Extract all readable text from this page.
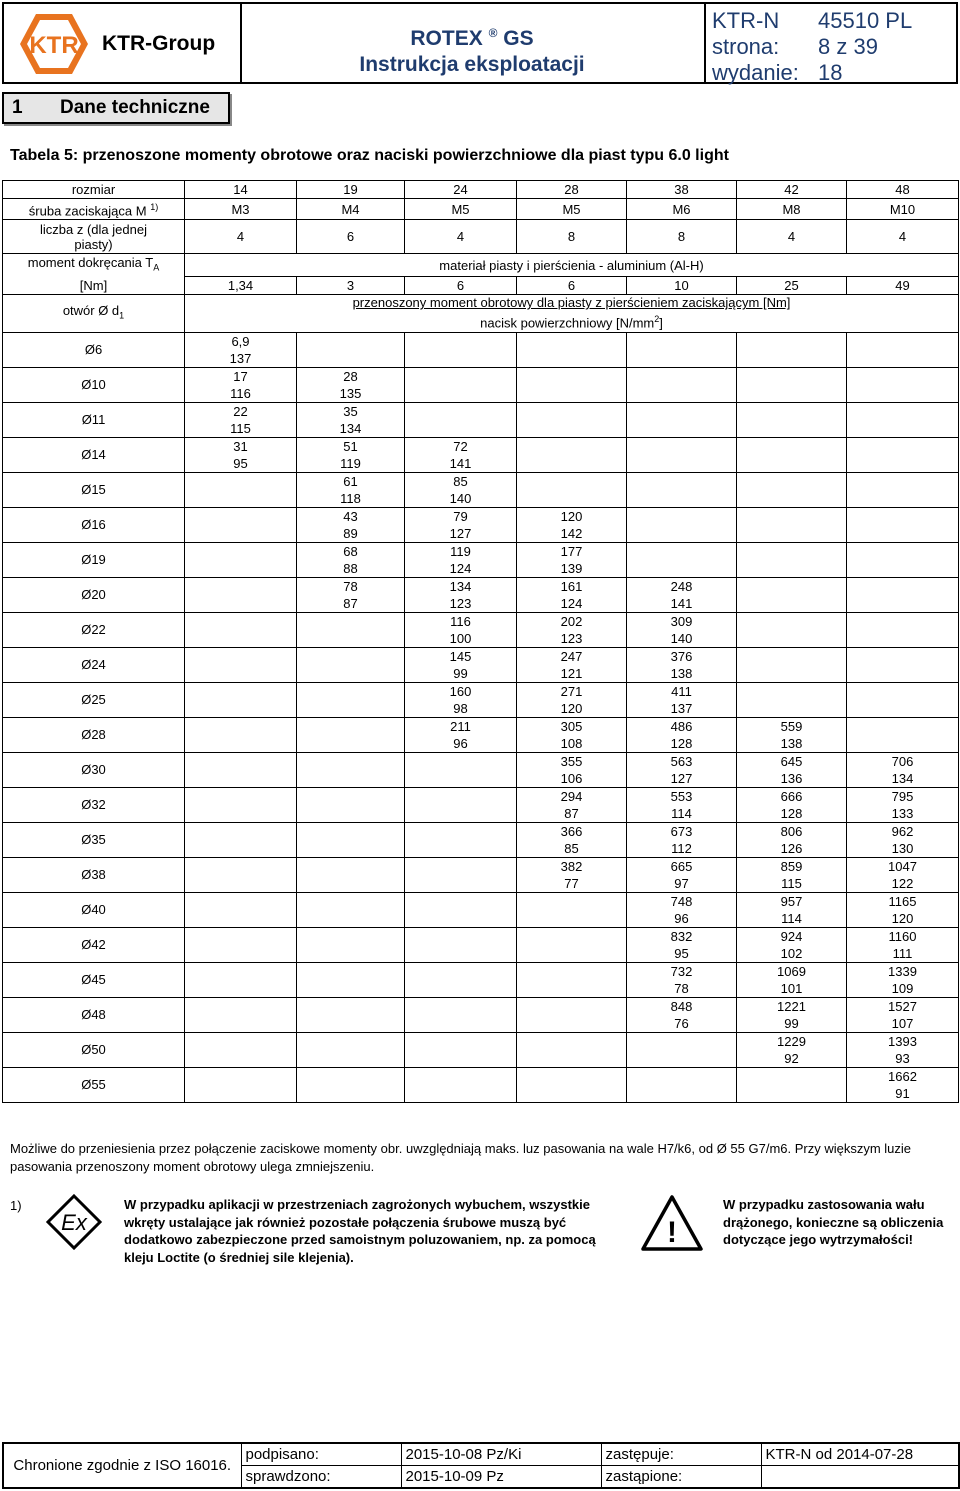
KTR KTR-Group	ROTEX ® GS
Instrukcja eksploatacji
KTR-N 45510 PL
strona: 8 z 39
wydanie: 18
1 Dane techniczne
Tabela 5: przenoszone momenty obrotowe oraz naciski powierzchniowe dla piast typu 6.0 light
rozmiar	14	19	24	28	38	42	48
śruba zaciskająca M $^{1)}$	M3	M4	M5	M5	M6	M8	M10
liczba z (dla jednej piasty)	4	6	4	8	8	4	4
moment dokręcania $T_A$	materiał piasty i pierścienia - aluminium (Al-H)						
[Nm]	1,34	3	6	6	10	25	49
otwór Ø $d_1$	przenoszony moment obrotowy dla piasty z pierścieniem zaciskającym [Nm]
nacisk powierzchniowy $[N/mm^2]$						

Ø6	6,9						
	137						
Ø10	17	28					
	116	135					
Ø11	22	35					
	115	134					
Ø14	31	51	72				
	95	119	141				
Ø15		61	85				
		118	140				
Ø16		43	79	120			
		89	127	142			
Ø19		68	119	177			
		88	124	139			
Ø20		78	134	161	248		
		87	123	124	141		
Ø22			116	202	309		
			100	123	140		
Ø24			145	247	376		
			99	121	138		
Ø25			160	271	411		
			98	120	137		
Ø28			211	305	486	559	
			96	108	128	138	
Ø30				355	563	645	706
				106	127	136	134
Ø32				294	553	666	795
				87	114	128	133
Ø35				366	673	806	962
				85	112	126	130
Ø38				382	665	859	1047
				77	97	115	122
Ø40					748	957	1165
					96	114	120
Ø42					832	924	1160
					95	102	111
Ø45					732	1069	1339
					78	101	109
Ø48					848	1221	1527
					76	99	107
Ø50						1229	1393
						92	93
Ø55							1662
							91
Możliwe do przeniesienia przez połączenie zaciskowe momenty obr. uwzględniają maks. luz pasowania na wale H7/k6, od Ø 55 G7/m6. Przy większym luzie pasowania przenoszony moment obrotowy ulega zmniejszeniu.
1)
Ex
W przypadku aplikacji w przestrzeniach zagrożonych wybuchem, wszystkie wkręty ustalające jak również pozostałe połączenia śrubowe muszą być dodatkowo zabezpieczone przed samoistnym poluzowaniem, np. za pomocą kleju Loctite (o średniej sile klejenia).
!
W przypadku zastosowania wału drążonego, konieczne są obliczenia dotyczące jego wytrzymałości!
Chronione zgodnie z ISO 16016.	podpisano:	2015-10-08 Pz/Ki	zastępuje:	KTR-N od 2014-07-28
	sprawdzono:	2015-10-09 Pz	zastąpione:	
